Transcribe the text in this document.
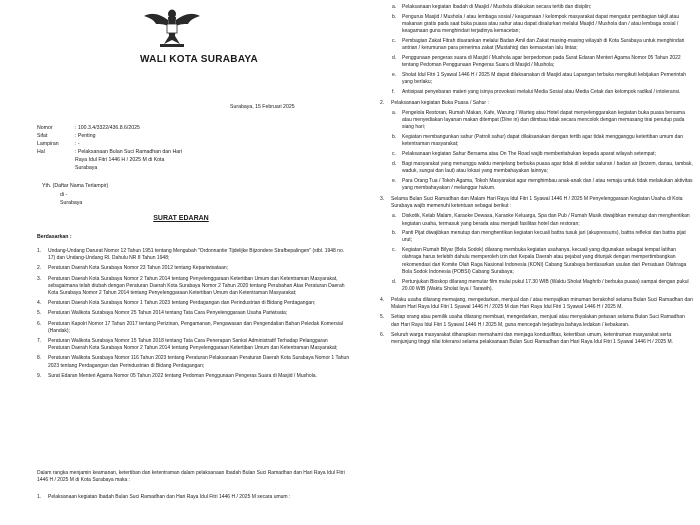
WALI KOTA SURABAYA
Surabaya, 15 Februari 2025
Nomor	: 100.3.4/3322/436.8.6/2025
Sifat	: Penting
Lampiran	: -
Hal	: Pelaksanaan Bulan Suci Ramadhan dan Hari Raya Idul Fitri 1446 H / 2025 M di Kota Surabaya
Yth. (Daftar Nama Terlampir)
di -
Surabaya
SURAT EDARAN
Berdasarkan :
1.	Undang-Undang Darurat Nomor 12 Tahun 1951 tentang Mengubah "Ordonnantie Tijdelijke Bijzondere Strafbepalingen" (stbl. 1948 no. 17) dan Undang-Undang Rl. Dahulu NR 8 Tahun 1948;
2.	Peraturan Daerah Kota Surabaya Nomor 23 Tahun 2012 tentang Kepariwisataan;
3.	Peraturan Daerah Kota Surabaya Nomor 2 Tahun 2014 tentang Penyelenggaraan Ketertiban Umum dan Ketentraman Masyarakat, sebagaimana telah diubah dengan Peraturan Daerah Kota Surabaya Nomor 2 Tahun 2020 tentang Perubahan Atas Peraturan Daerah Kota Surabaya Nomor 2 Tahun 2014 tentang Penyelenggaraan Ketertiban Umum dan Ketentraman Masyarakat;
4.	Peraturan Daerah Kota Surabaya Nomor 1 Tahun 2023 tentang Perdagangan dan Perindustrian di Bidang Perdagangan;
5.	Peraturan Walikota Surabaya Nomor 25 Tahun 2014 tentang Tata Cara Penyelenggaraan Usaha Pariwisata;
6.	Peraturan Kapolri Nomor 17 Tahun 2017 tentang Perizinan, Pengamanan, Pengawasan dan Pengendalian Bahan Peledak Komersial (Handak);
7.	Peraturan Walikota Surabaya Nomor 15 Tahun 2018 tentang Tata Cara Penerapan Sanksi Administratif Terhadap Pelanggaran Peraturan Daerah Kota Surabaya Nomor 2 Tahun 2014 tentang Penyelenggaraan Ketertiban Umum dan Ketentraman Masyarakat;
8.	Peraturan Walikota Surabaya Nomor 116 Tahun 2023 tentang Peraturan Pelaksanaan Peraturan Daerah Kota Surabaya Nomor 1 Tahun 2023 tentang Perdagangan dan Perindustrian di Bidang Perdagangan;
9.	Surat Edaran Menteri Agama Nomor 05 Tahun 2022 tentang Pedoman Penggunaan Pengeras Suara di Masjid / Mushola.
Dalam rangka menjamin keamanan, ketertiban dan ketentraman dalam pelaksanaan Ibadah Bulan Suci Ramadhan dan Hari Raya Idul Fitri 1446 H / 2025 M di Kota Surabaya maka :
1.	Pelaksanaan kegiatan Ibadah Bulan Suci Ramadhan dan Hari Raya Idul Fitri 1446 H / 2025 M secara umum :
a.	Pelaksanaan kegiatan Ibadah di Masjid / Mushola dilakukan secara tertib dan disiplin;
b.	Pengurus Masjid / Mushola / atau lembaga sosial / keagamaan / kelompok masyarakat dapat mengatur pembagian takjil atau makanan gratis pada saat buka puasa atau sahur atau dapat disalurkan melalui Masjid / Mushola dan / atau lembaga sosial / keagamaan guna menghindari terjadinya kemacetan;
c.	Pembagian Zakat Fitrah disarankan melalui Badan Amil dan Zakat masing-masing wilayah di Kota Surabaya untuk menghindari antrian / kerumunan para penerima zakat (Mustahiq) dan kemacetan lalu lintas;
d.	Penggunaan pengeras suara di Masjid / Mushola agar berpedoman pada Surat Edaran Menteri Agama Nomor 05 Tahun 2022 tentang Pedoman Penggunaan Pengeras Suara di Masjid / Mushola;
e.	Sholat Idul Fitri 1 Syawal 1446 H / 2025 M dapat dilaksanakan di Masjid atau Lapangan terbuka mengikuti kebijakan Pemerintah yang berlaku;
f.	Antisipasi penyebaran materi yang isinya provokasi melalui Media Sosial atau Media Cetak dan kelompok radikal / intoleransi.
2.	Pelaksanaan kegiatan Buka Puasa / Sahur :
a.	Pengelola Restoran, Rumah Makan, Kafe, Warung / Warteg atau Hotel dapat menyelenggarakan kegiatan buka puasa bersama atau menyediakan layanan makan ditempat (Dine in) dan diimbau tidak secara mencolok dengan memasang tirai penutup pada siang hari;
b.	Kegiatan membangunkan sahur (Patroli sahur) dapat dilaksanakan dengan tertib agar tidak mengganggu ketertiban umum dan ketentraman masyarakat;
c.	Pelaksanaan kegiatan Sahur Bersama atau On The Road wajib memberitahukan kepada aparat wilayah setempat;
d.	Bagi masyarakat yang menunggu waktu menjelang berbuka puasa agar tidak di sekitar saluran / badan air (bozem, danau, tambak, waduk, sungai dan laut) atau lokasi yang membahayakan lainnya;
e.	Para Orang Tua / Tokoh Agama, Tokoh Masyarakat agar menghimbau anak-anak dan / atau remaja untuk tidak melakukan aktivitas yang membahayakan / melanggar hukum.
3.	Selama Bulan Suci Ramadhan dan Malam Hari Raya Idul Fitri 1 Syawal 1446 H / 2025 M Penyelenggaraan Kegiatan Usaha di Kota Surabaya wajib memenuhi ketentuan sebagai berikut :
a.	Diskotik, Kelab Malam, Karaoke Dewasa, Karaoke Keluarga, Spa dan Pub / Rumah Musik diwajibkan menutup dan menghentikan kegiatan usaha, termasuk yang berada atau menjadi fasilitas hotel dan restoran;
b.	Panti Pijat diwajibkan menutup dan menghentikan kegiatan kecuali battra tusuk jari (akupressuris), battra refleksi dan battra pijat urut;
c.	Kegiatan Rumah Bilyar (Bola Sodok) dilarang membuka kegiatan usahanya, kecuali yang digunakan sebagai tempat latihan olahraga harus terlebih dahulu memperoleh izin dari Kepala Daerah atau pejabat yang ditunjuk dengan mempertimbangkan rekomendasi dari Komite Olah Raga Nasional Indonesia (KONI) Cabang Surabaya berdasarkan usulan dari Persatuan Olahraga Bola Sodok Indonesia (POBSI) Cabang Surabaya;
d.	Pertunjukan Bioskop dilarang memutar film mulai pukul 17.30 WIB (Waktu Sholat Maghrib / berbuka puasa) sampai dengan pukul 20.00 WIB (Waktu Sholat Isya / Tarawih).
4.	Pelaku usaha dilarang memajang, mengedarkan, menjual dan / atau menyajikan minuman berakohol selama Bulan Suci Ramadhan dan Malam Hari Raya Idul Fitri 1 Syawal 1446 H / 2025 M dan Hari Raya Idul Fitri 1 Syawal 1446 H / 2025 M.
5.	Setiap orang atau pemilik usaha dilarang membuat, mengedarkan, menjual atau menyalakan petasan selama Bulan Suci Ramadhan dan Hari Raya Idul Fitri 1 Syawal 1446 H / 2025 M, guna mencegah terjadinya bahaya ledakan / kebakaran.
6.	Seluruh warga masyarakat diharapkan memahami dan menjaga kondusifitas, ketertiban umum, ketentraman masyarakat serta menjunjung tinggi nilai toleransi selama pelaksanaan Bulan Suci Ramadhan dan Hari Raya Idul Fitri 1 Syawal 1446 H / 2025 M.
